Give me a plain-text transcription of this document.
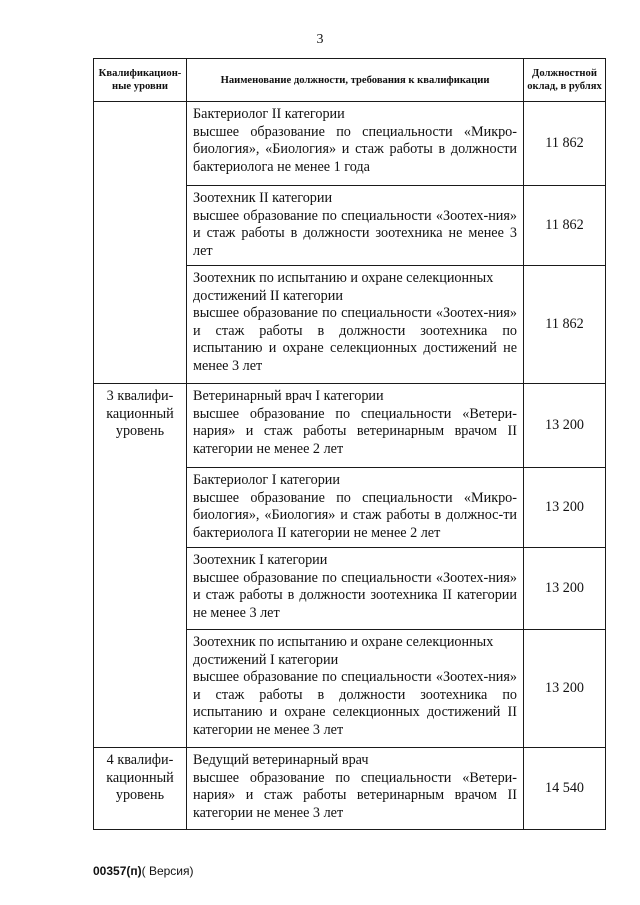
3
Квалификацион-ные уровни	Наименование должности, требования к квалификации	Должностной оклад, в рублях

	Бактериолог II категории
высшее образование по специальности «Микро-биология», «Биология» и стаж работы в должности бактериолога не менее 1 года	11 862

	Зоотехник II категории
высшее образование по специальности «Зоотех-ния» и стаж работы в должности зоотехника не менее 3 лет	11 862

	Зоотехник по испытанию и охране селекционных достижений II категории
высшее образование по специальности «Зоотех-ния» и стаж работы в должности зоотехника по испытанию и охране селекционных достижений не менее 3 лет	11 862
3 квалифи-кационный уровень	Ветеринарный врач I категории
высшее образование по специальности «Ветери-нария» и стаж работы ветеринарным врачом II категории не менее 2 лет	13 200

	Бактериолог I категории
высшее образование по специальности «Микро-биология», «Биология» и стаж работы в должнос-ти бактериолога II категории не менее 2 лет	13 200

	Зоотехник I категории
высшее образование по специальности «Зоотех-ния» и стаж работы в должности зоотехника II категории не менее 3 лет	13 200

	Зоотехник по испытанию и охране селекционных достижений I категории
высшее образование по специальности «Зоотех-ния» и стаж работы в должности зоотехника по испытанию и охране селекционных достижений II категории не менее 3 лет	13 200
4 квалифи-кационный уровень	Ведущий ветеринарный врач
высшее образование по специальности «Ветери-нария» и стаж работы ветеринарным врачом II категории не менее 3 лет	14 540
00357(п)( Версия)
